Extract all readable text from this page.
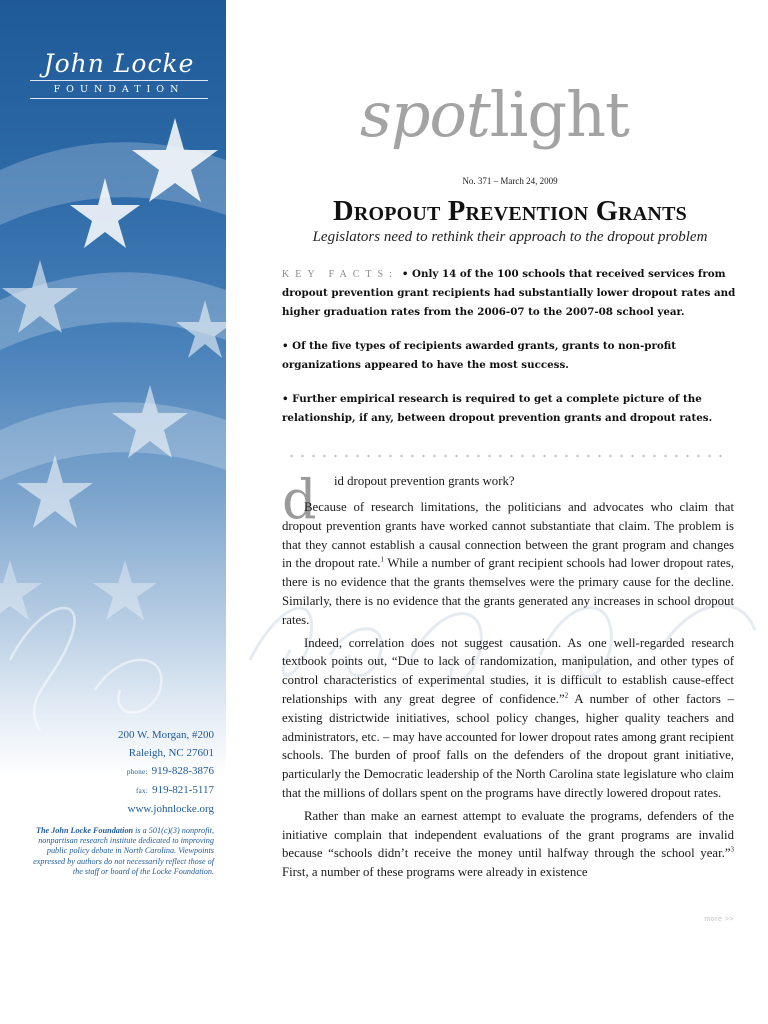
John Locke
FOUNDATION
200 W. Morgan, #200
Raleigh, NC 27601
phone: 919-828-3876
fax: 919-821-5117
www.johnlocke.org
The John Locke Foundation is a 501(c)(3) nonprofit, nonpartisan research institute dedicated to improving public policy debate in North Carolina. Viewpoints expressed by authors do not necessarily reflect those of the staff or board of the Locke Foundation.
spotlight
No. 371 – March 24, 2009
Dropout Prevention Grants
Legislators need to rethink their approach to the dropout problem

KEY FACTS: • Only 14 of the 100 schools that received services from dropout prevention grant recipients had substantially lower dropout rates and higher graduation rates from the 2006-07 to the 2007-08 school year.

• Of the five types of recipients awarded grants, grants to non-profit organizations appeared to have the most success.

• Further empirical research is required to get a complete picture of the relationship, if any, between dropout prevention grants and dropout rates.

d id dropout prevention grants work?

Because of research limitations, the politicians and advocates who claim that dropout prevention grants have worked cannot substantiate that claim. The problem is that they cannot establish a causal connection between the grant program and changes in the dropout rate.$^1$ While a number of grant recipient schools had lower dropout rates, there is no evidence that the grants themselves were the primary cause for the decline. Similarly, there is no evidence that the grants generated any increases in school dropout rates.

Indeed, correlation does not suggest causation. As one well-regarded research textbook points out, “Due to lack of randomization, manipulation, and other types of control characteristics of experimental studies, it is difficult to establish cause-effect relationships with any great degree of confidence.”$^2$ A number of other factors – existing districtwide initiatives, school policy changes, higher quality teachers and administrators, etc. – may have accounted for lower dropout rates among grant recipient schools. The burden of proof falls on the defenders of the dropout grant initiative, particularly the Democratic leadership of the North Carolina state legislature who claim that the millions of dollars spent on the programs have directly lowered dropout rates.

Rather than make an earnest attempt to evaluate the programs, defenders of the initiative complain that independent evaluations of the grant programs are invalid because “schools didn’t receive the money until halfway through the school year.”$^3$ First, a number of these programs were already in existence

more >>
